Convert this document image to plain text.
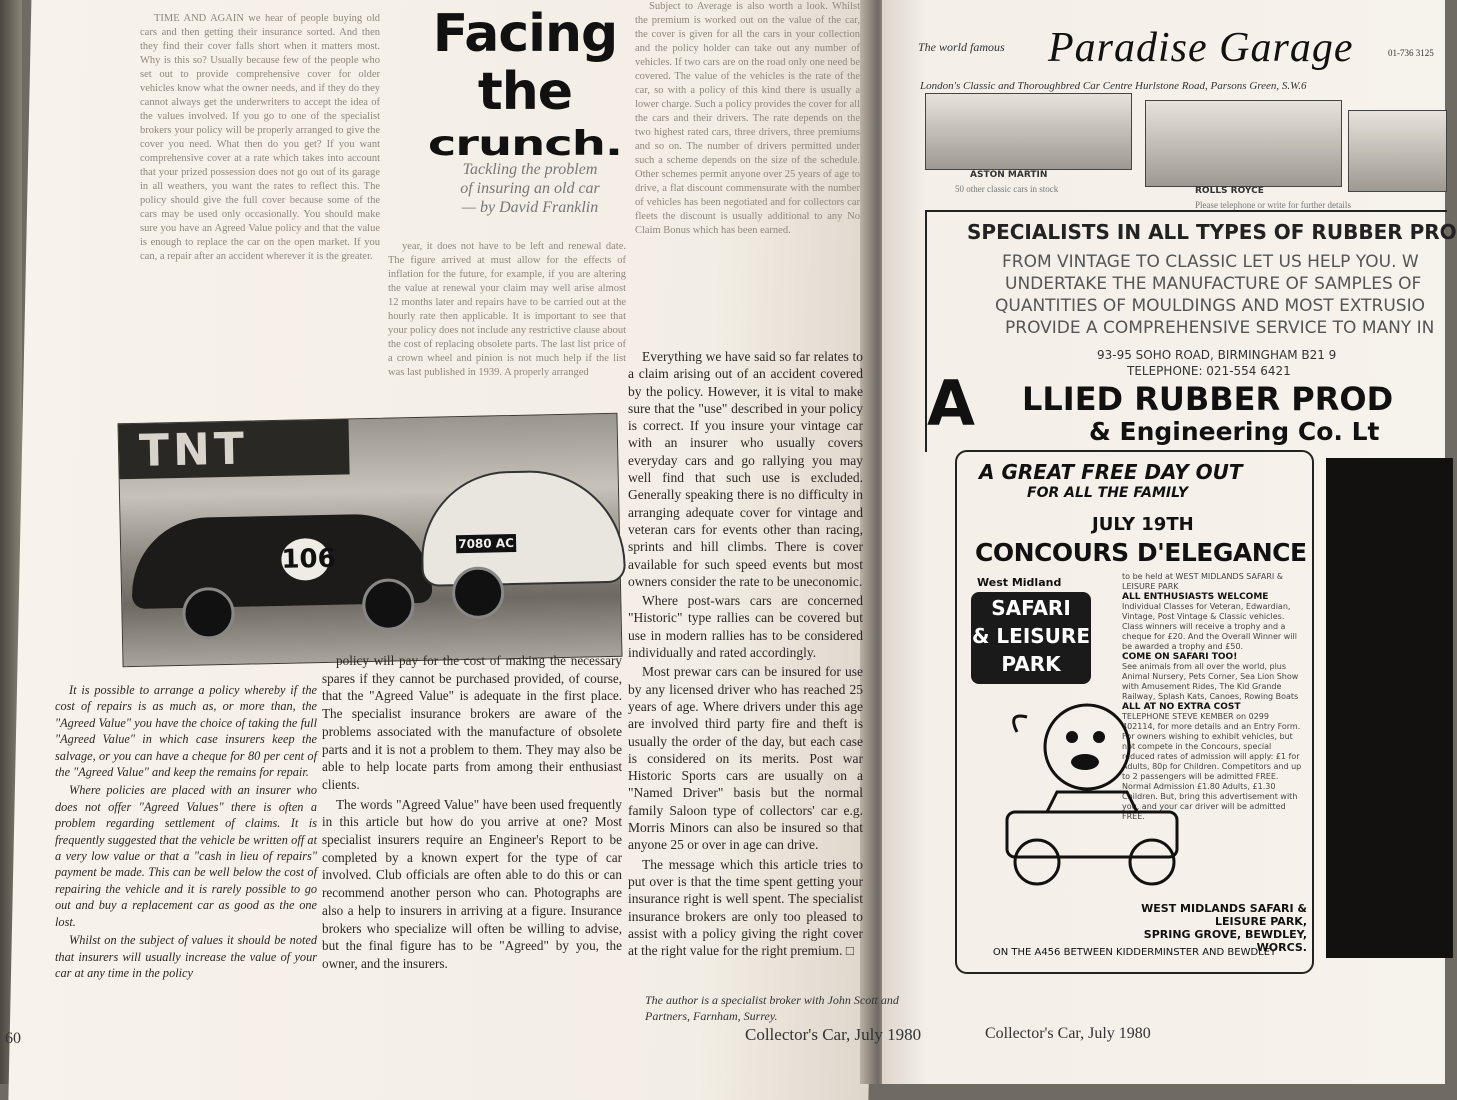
TIME AND AGAIN we hear of people buying old cars and then getting their insurance sorted. And then they find their cover falls short when it matters most. Why is this so? Usually because few of the people who set out to provide comprehensive cover for older vehicles know what the owner needs, and if they do they cannot always get the underwriters to accept the idea of the values involved. If you go to one of the specialist brokers your policy will be properly arranged to give the cover you need. What then do you get? If you want comprehensive cover at a rate which takes into account that your prized possession does not go out of its garage in all weathers, you want the rates to reflect this. The policy should give the full cover because some of the cars may be used only occasionally. You should make sure you have an Agreed Value policy and that the value is enough to replace the car on the open market. If you can, a repair after an accident wherever it is the greater.

Facing
the
crunch.
Tackling the problem
of insuring an old car
— by David Franklin

year, it does not have to be left and renewal date. The figure arrived at must allow for the effects of inflation for the future, for example, if you are altering the value at renewal your claim may well arise almost 12 months later and repairs have to be carried out at the hourly rate then applicable. It is important to see that your policy does not include any restrictive clause about the cost of replacing obsolete parts. The last list price of a crown wheel and pinion is not much help if the list was last published in 1939. A properly arranged

Subject to Average is also worth a look. Whilst the premium is worked out on the value of the car, the cover is given for all the cars in your collection and the policy holder can take out any number of vehicles. If two cars are on the road only one need be covered. The value of the vehicles is the rate of the car, so with a policy of this kind there is usually a lower charge. Such a policy provides the cover for all the cars and their drivers. The rate depends on the two highest rated cars, three drivers, three premiums and so on. The number of drivers permitted under such a scheme depends on the size of the schedule. Other schemes permit anyone over 25 years of age to drive, a flat discount commensurate with the number of vehicles has been negotiated and for collectors car fleets the discount is usually additional to any No Claim Bonus which has been earned.

Everything we have said so far relates to a claim arising out of an accident covered by the policy. However, it is vital to make sure that the "use" described in your policy is correct. If you insure your vintage car with an insurer who usually covers everyday cars and go rallying you may well find that such use is excluded. Generally speaking there is no difficulty in arranging adequate cover for vintage and veteran cars for events other than racing, sprints and hill climbs. There is cover available for such speed events but most owners consider the rate to be uneconomic.

Where post-wars cars are concerned "Historic" type rallies can be covered but use in modern rallies has to be considered individually and rated accordingly.

Most prewar cars can be insured for use by any licensed driver who has reached 25 years of age. Where drivers under this age are involved third party fire and theft is usually the order of the day, but each case is considered on its merits. Post war Historic Sports cars are usually on a "Named Driver" basis but the normal family Saloon type of collectors' car e.g. Morris Minors can also be insured so that anyone 25 or over in age can drive.

The message which this article tries to put over is that the time spent getting your insurance right is well spent. The specialist insurance brokers are only too pleased to assist with a policy giving the right cover at the right value for the right premium. □

TNT
106
7080 AC

It is possible to arrange a policy whereby if the cost of repairs is as much as, or more than, the "Agreed Value" you have the choice of taking the full "Agreed Value" in which case insurers keep the salvage, or you can have a cheque for 80 per cent of the "Agreed Value" and keep the remains for repair.

Where policies are placed with an insurer who does not offer "Agreed Values" there is often a problem regarding settlement of claims. It is frequently suggested that the vehicle be written off at a very low value or that a "cash in lieu of repairs" payment be made. This can be well below the cost of repairing the vehicle and it is rarely possible to go out and buy a replacement car as good as the one lost.

Whilst on the subject of values it should be noted that insurers will usually increase the value of your car at any time in the policy

policy will pay for the cost of making the necessary spares if they cannot be purchased provided, of course, that the "Agreed Value" is adequate in the first place. The specialist insurance brokers are aware of the problems associated with the manufacture of obsolete parts and it is not a problem to them. They may also be able to help locate parts from among their enthusiast clients.

The words "Agreed Value" have been used frequently in this article but how do you arrive at one? Most specialist insurers require an Engineer's Report to be completed by a known expert for the type of car involved. Club officials are often able to do this or can recommend another person who can. Photographs are also a help to insurers in arriving at a figure. Insurance brokers who specialize will often be willing to advise, but the final figure has to be "Agreed" by you, the owner, and the insurers.

The author is a specialist broker with John Scott and Partners, Farnham, Surrey.
Collector's Car, July 1980
60
The world famous Paradise Garage	01-736 3125
London's Classic and Thoroughbred Car Centre Hurlstone Road, Parsons Green, S.W.6
ASTON MARTIN
50 other classic cars in stock	ROLLS ROYCE
Please telephone or write for further details
SPECIALISTS IN ALL TYPES OF RUBBER PRO
FROM VINTAGE TO CLASSIC LET US HELP YOU. W
UNDERTAKE THE MANUFACTURE OF SAMPLES OF
QUANTITIES OF MOULDINGS AND MOST EXTRUSIO
PROVIDE A COMPREHENSIVE SERVICE TO MANY IN
93-95 SOHO ROAD, BIRMINGHAM B21 9
TELEPHONE: 021-554 6421
A LLIED RUBBER PROD
& Engineering Co. Lt
A GREAT FREE DAY OUT
FOR ALL THE FAMILY
JULY 19TH
CONCOURS D'ELEGANCE
West Midland
SAFARI
& LEISURE
PARK
to be held at WEST MIDLANDS SAFARI & LEISURE PARK
ALL ENTHUSIASTS WELCOME
Individual Classes for Veteran, Edwardian, Vintage, Post Vintage & Classic vehicles. Class winners will receive a trophy and a cheque for £20. And the Overall Winner will be awarded a trophy and £50.
COME ON SAFARI TOO!
See animals from all over the world, plus Animal Nursery, Pets Corner, Sea Lion Show with Amusement Rides, The Kid Grande Railway, Splash Kats, Canoes, Rowing Boats
ALL AT NO EXTRA COST
TELEPHONE STEVE KEMBER on 0299 402114, for more details and an Entry Form.
For owners wishing to exhibit vehicles, but not compete in the Concours, special reduced rates of admission will apply: £1 for Adults, 80p for Children. Competitors and up to 2 passengers will be admitted FREE.
Normal Admission £1.80 Adults, £1.30 Children. But, bring this advertisement with you, and your car driver will be admitted FREE.
WEST MIDLANDS SAFARI & LEISURE PARK,
SPRING GROVE, BEWDLEY, WORCS.
ON THE A456 BETWEEN KIDDERMINSTER AND BEWDLEY
Collector's Car, July 1980
